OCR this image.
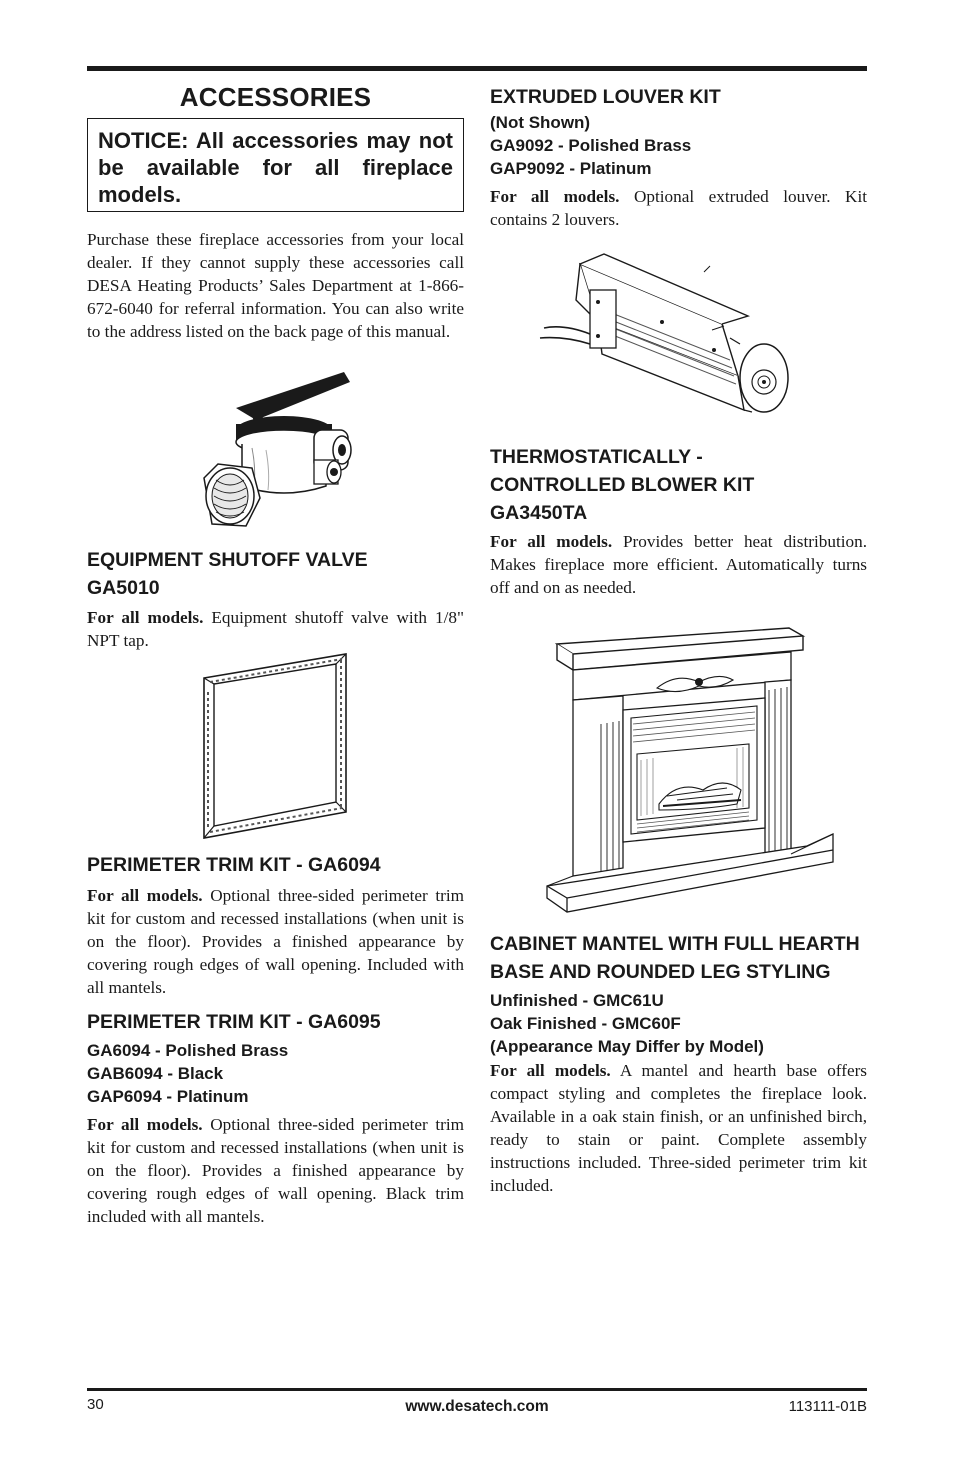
ACCESSORIES
NOTICE: All accessories may not be available for all fireplace models.
Purchase these fireplace accessories from your local dealer. If they cannot supply these accessories call DESA Heating Products’ Sales Department at 1-866-672-6040 for referral information. You can also write to the address listed on the back page of this manual.
EQUIPMENT SHUTOFF VALVE
GA5010
For all models. Equipment shutoff valve with 1/8" NPT tap.
PERIMETER TRIM KIT - GA6094
For all models. Optional three-sided perimeter trim kit for custom and recessed installations (when unit is on the floor). Provides a finished appearance by covering rough edges of wall opening. Included with all mantels.
PERIMETER TRIM KIT - GA6095
GA6094 - Polished Brass
GAB6094 - Black
GAP6094 - Platinum
For all models. Optional three-sided perimeter trim kit for custom and recessed installations (when unit is on the floor). Provides a finished appearance by covering rough edges of wall opening. Black trim included with all mantels.
EXTRUDED LOUVER KIT
(Not Shown)
GA9092 - Polished Brass
GAP9092 - Platinum
For all models. Optional extruded louver. Kit contains 2 louvers.
THERMOSTATICALLY -
CONTROLLED BLOWER KIT
GA3450TA
For all models. Provides better heat distribution. Makes fireplace more efficient. Automatically turns off and on as needed.
CABINET MANTEL WITH FULL HEARTH
BASE AND ROUNDED LEG STYLING
Unfinished - GMC61U
Oak Finished - GMC60F
(Appearance May Differ by Model)
For all models. A mantel and hearth base offers compact styling and completes the fireplace look. Available in a oak stain finish, or an unfinished birch, ready to stain or paint. Complete assembly instructions included. Three-sided perimeter trim kit included.
30	www.desatech.com	113111-01B
